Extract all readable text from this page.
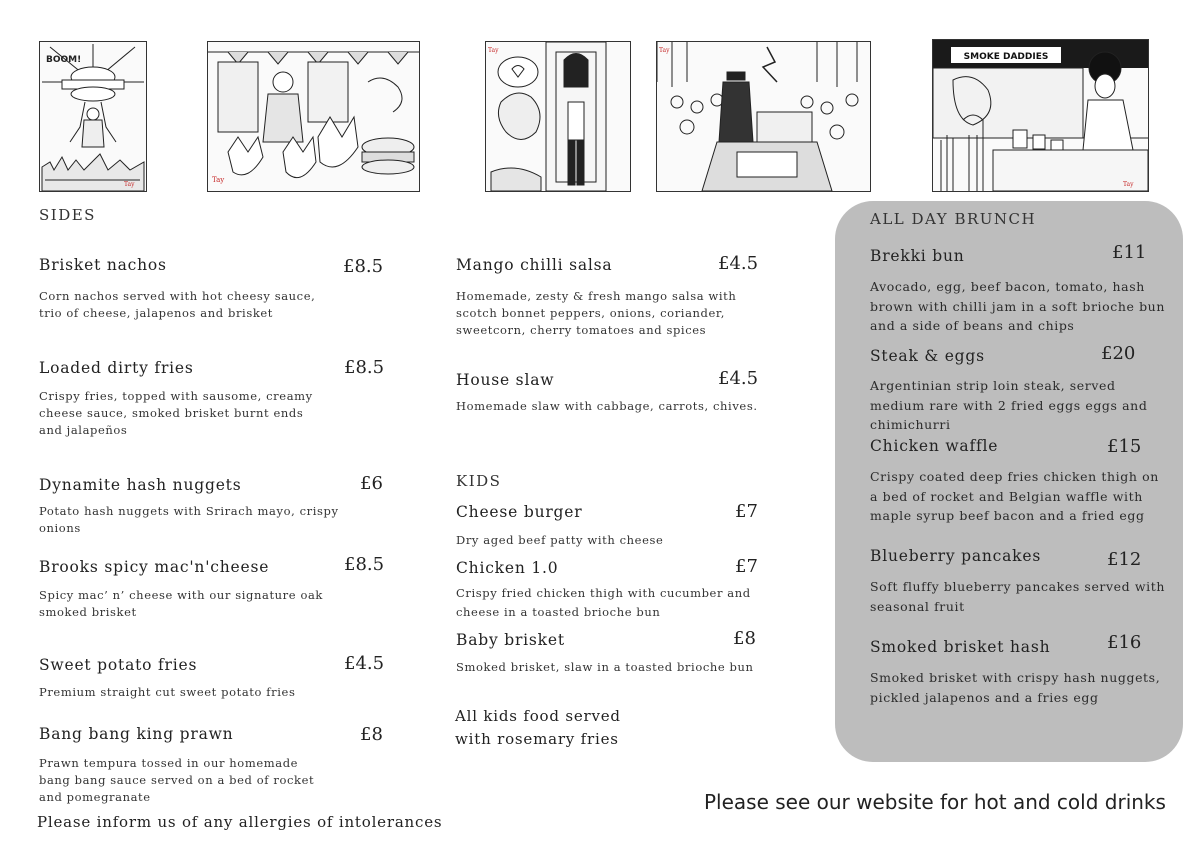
BOOM!
Tay
Tay
Tay	Tay
SMOKE DADDIES
Tay
SIDES
Brisket nachos	£8.5
Corn nachos served with hot cheesy sauce, trio of cheese, jalapenos and brisket
Loaded dirty fries	£8.5
Crispy fries, topped with sausome, creamy cheese sauce, smoked brisket burnt ends and jalapeños
Dynamite hash nuggets	£6
Potato hash nuggets with Srirach mayo, crispy onions
Brooks spicy mac'n'cheese	£8.5
Spicy mac’ n’ cheese with our signature oak smoked brisket
Sweet potato fries	£4.5
Premium straight cut sweet potato fries
Bang bang king prawn	£8
Prawn tempura tossed in our homemade bang bang sauce served on a bed of rocket and pomegranate
Please inform us of any allergies of intolerances
Mango chilli salsa	£4.5
Homemade, zesty & fresh mango salsa with scotch bonnet peppers, onions, coriander, sweetcorn, cherry tomatoes and spices
House slaw	£4.5
Homemade slaw with cabbage, carrots, chives.
KIDS
Cheese burger	£7
Dry aged beef patty with cheese
Chicken 1.0	£7
Crispy fried chicken thigh with cucumber and cheese in a toasted brioche bun
Baby brisket	£8
Smoked brisket, slaw in a toasted brioche bun
All kids food served
with rosemary fries
ALL DAY BRUNCH
Brekki bun	£11
Avocado, egg, beef bacon, tomato, hash brown with chilli jam in a soft brioche bun and a side of beans and chips
Steak & eggs	£20
Argentinian strip loin steak, served medium rare with 2 fried eggs eggs and chimichurri
Chicken waffle	£15
Crispy coated deep fries chicken thigh on a bed of rocket and Belgian waffle with maple syrup beef bacon and a fried egg
Blueberry pancakes	£12
Soft fluffy blueberry pancakes served with seasonal fruit
Smoked brisket hash	£16
Smoked brisket with crispy hash nuggets, pickled jalapenos and a fries egg
Please see our website for hot and cold drinks
